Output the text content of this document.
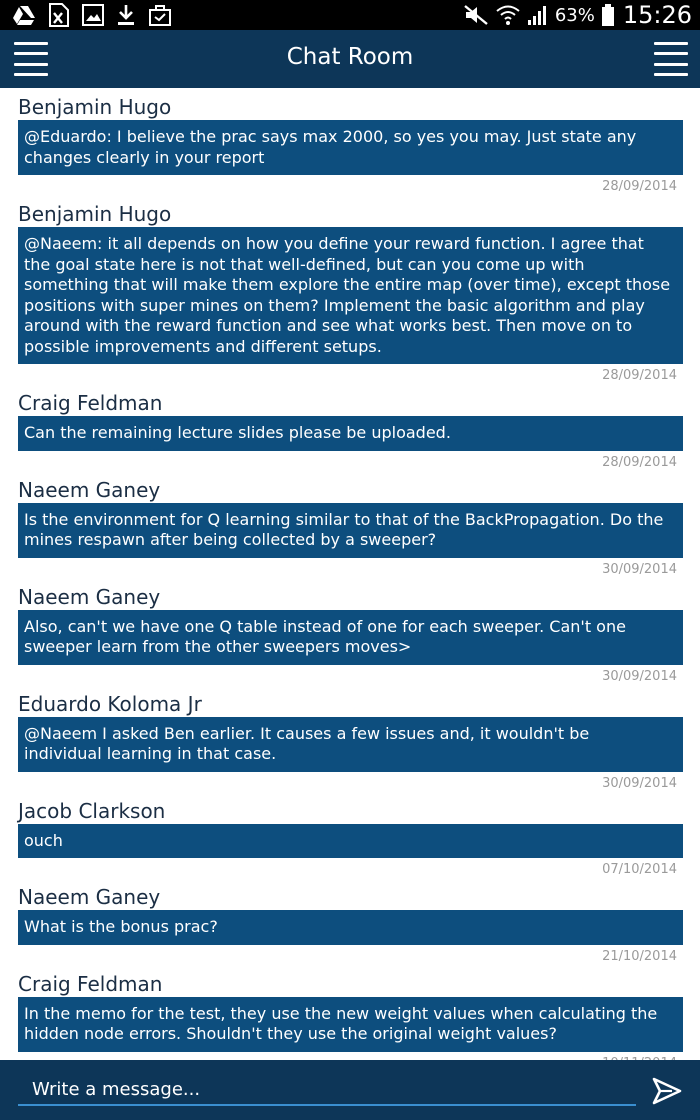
63% 15:26
Chat Room
Benjamin Hugo
@Eduardo: I believe the prac says max 2000, so yes you may. Just state any changes clearly in your report
28/09/2014
Benjamin Hugo
@Naeem: it all depends on how you define your reward function. I agree that the goal state here is not that well-defined, but can you come up with something that will make them explore the entire map (over time), except those positions with super mines on them? Implement the basic algorithm and play around with the reward function and see what works best. Then move on to possible improvements and different setups.
28/09/2014
Craig Feldman
Can the remaining lecture slides please be uploaded.
28/09/2014
Naeem Ganey
Is the environment for Q learning similar to that of the BackPropagation. Do the mines respawn after being collected by a sweeper?
30/09/2014
Naeem Ganey
Also, can't we have one Q table instead of one for each sweeper. Can't one sweeper learn from the other sweepers moves>
30/09/2014
Eduardo Koloma Jr
@Naeem I asked Ben earlier. It causes a few issues and, it wouldn't be individual learning in that case.
30/09/2014
Jacob Clarkson
ouch
07/10/2014
Naeem Ganey
What is the bonus prac?
21/10/2014
Craig Feldman
In the memo for the test, they use the new weight values when calculating the hidden node errors. Shouldn't they use the original weight values?
Write a message...
